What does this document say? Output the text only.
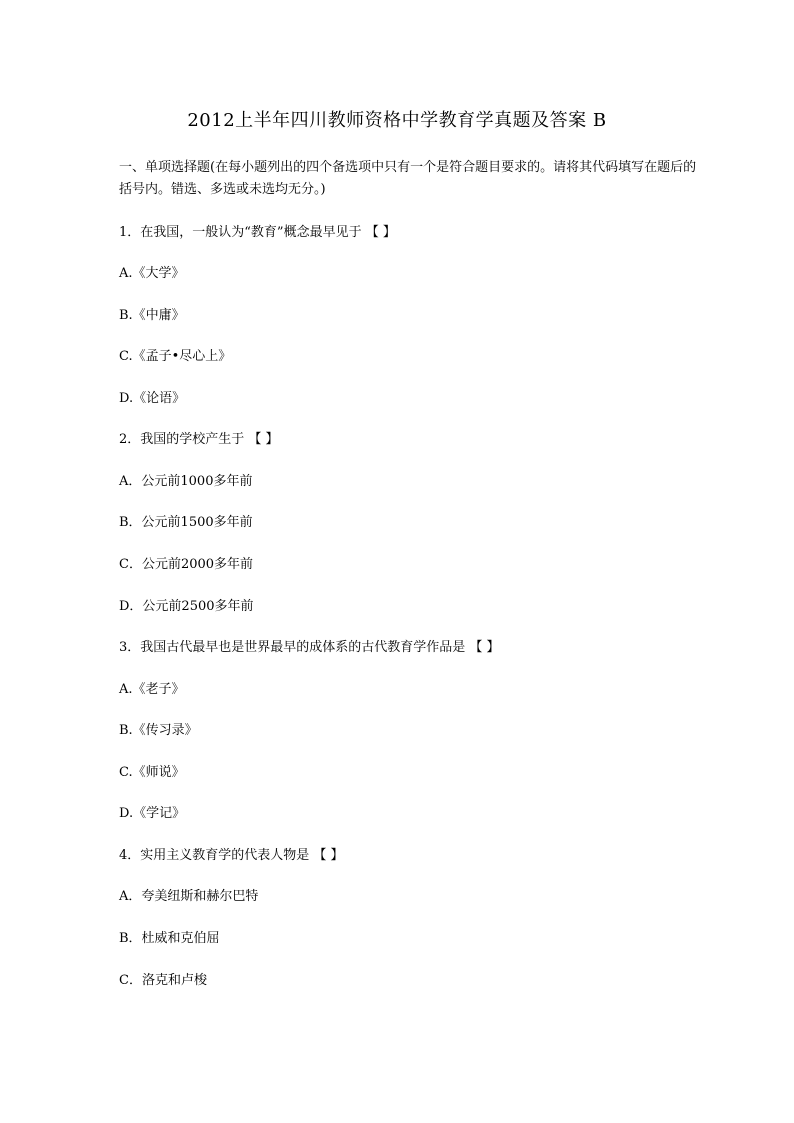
2012上半年四川教师资格中学教育学真题及答案 B
一、单项选择题(在每小题列出的四个备选项中只有一个是符合题目要求的。请将其代码填写在题后的括号内。错选、多选或未选均无分。)
1．在我国，一般认为“教育”概念最早见于 【 】
A.《大学》
B.《中庸》
C.《孟子•尽心上》
D.《论语》
2．我国的学校产生于 【 】
A．公元前1000多年前
B．公元前1500多年前
C．公元前2000多年前
D．公元前2500多年前
3．我国古代最早也是世界最早的成体系的古代教育学作品是 【 】
A.《老子》
B.《传习录》
C.《师说》
D.《学记》
4．实用主义教育学的代表人物是 【 】
A．夸美纽斯和赫尔巴特
B．杜威和克伯屈
C．洛克和卢梭
